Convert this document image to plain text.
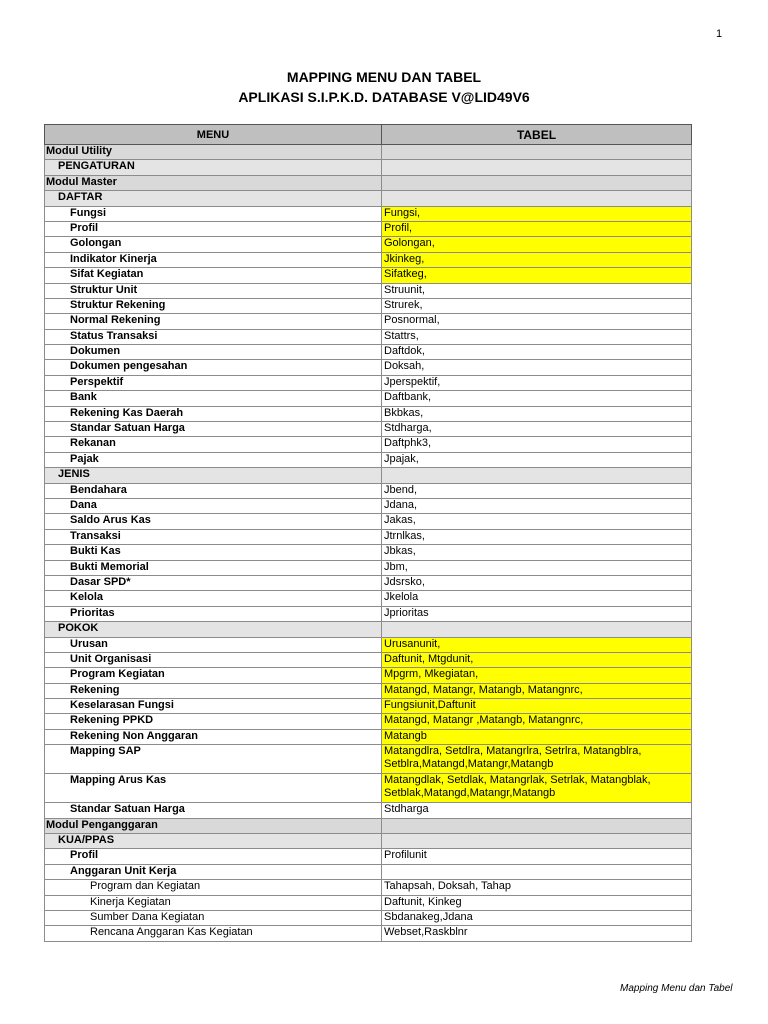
1
MAPPING MENU DAN TABEL
APLIKASI S.I.P.K.D. DATABASE V@LID49V6
MENU	TABEL
Modul Utility	
PENGATURAN	
Modul Master	
DAFTAR	
Fungsi	Fungsi,
Profil	Profil,
Golongan	Golongan,
Indikator Kinerja	Jkinkeg,
Sifat Kegiatan	Sifatkeg,
Struktur Unit	Struunit,
Struktur Rekening	Strurek,
Normal Rekening	Posnormal,
Status Transaksi	Stattrs,
Dokumen	Daftdok,
Dokumen pengesahan	Doksah,
Perspektif	Jperspektif,
Bank	Daftbank,
Rekening Kas Daerah	Bkbkas,
Standar Satuan Harga	Stdharga,
Rekanan	Daftphk3,
Pajak	Jpajak,
JENIS	
Bendahara	Jbend,
Dana	Jdana,
Saldo Arus Kas	Jakas,
Transaksi	Jtrnlkas,
Bukti Kas	Jbkas,
Bukti Memorial	Jbm,
Dasar SPD*	Jdsrsko,
Kelola	Jkelola
Prioritas	Jprioritas
POKOK	
Urusan	Urusanunit,
Unit Organisasi	Daftunit, Mtgdunit,
Program Kegiatan	Mpgrm, Mkegiatan,
Rekening	Matangd, Matangr, Matangb, Matangnrc,
Keselarasan Fungsi	Fungsiunit,Daftunit
Rekening PPKD	Matangd, Matangr ,Matangb, Matangnrc,
Rekening Non Anggaran	Matangb
Mapping SAP	Matangdlra, Setdlra, Matangrlra, Setrlra, Matangblra,
Setblra,Matangd,Matangr,Matangb

Mapping Arus Kas	Matangdlak, Setdlak, Matangrlak, Setrlak, Matangblak,
Setblak,Matangd,Matangr,Matangb

Standar Satuan Harga	Stdharga
Modul Penganggaran	
KUA/PPAS	
Profil	Profilunit
Anggaran Unit Kerja	
Program dan Kegiatan	Tahapsah, Doksah, Tahap
Kinerja Kegiatan	Daftunit, Kinkeg
Sumber Dana Kegiatan	Sbdanakeg,Jdana
Rencana Anggaran Kas Kegiatan	Webset,Raskblnr
Mapping Menu dan Tabel
